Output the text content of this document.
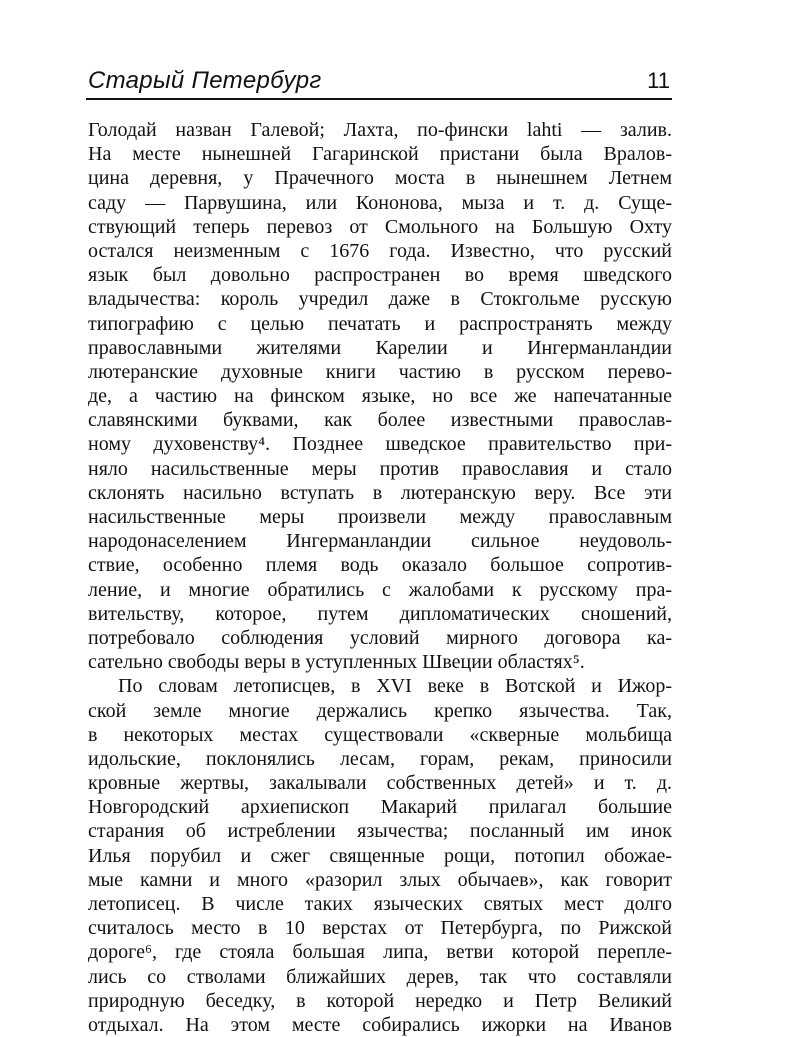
Старый Петербург	11
Голодай назван Галевой; Лахта, по-фински lahti — залив.
На месте нынешней Гагаринской пристани была Вралов-
цина деревня, у Прачечного моста в нынешнем Летнем
саду — Парвушина, или Кононова, мыза и т. д. Суще-
ствующий теперь перевоз от Смольного на Большую Охту
остался неизменным с 1676 года. Известно, что русский
язык был довольно распространен во время шведского
владычества: король учредил даже в Стокгольме русскую
типографию с целью печатать и распространять между
православными жителями Карелии и Ингерманландии
лютеранские духовные книги частию в русском перево-
де, а частию на финском языке, но все же напечатанные
славянскими буквами, как более известными православ-
ному духовенству⁴. Позднее шведское правительство при-
няло насильственные меры против православия и стало
склонять насильно вступать в лютеранскую веру. Все эти
насильственные меры произвели между православным
народонаселением Ингерманландии сильное неудоволь-
ствие, особенно племя водь оказало большое сопротив-
ление, и многие обратились с жалобами к русскому пра-
вительству, которое, путем дипломатических сношений,
потребовало соблюдения условий мирного договора ка-
сательно свободы веры в уступленных Швеции областях⁵.
По словам летописцев, в XVI веке в Вотской и Ижор-
ской земле многие держались крепко язычества. Так,
в некоторых местах существовали «скверные мольбища
идольские, поклонялись лесам, горам, рекам, приносили
кровные жертвы, закалывали собственных детей» и т. д.
Новгородский архиепископ Макарий прилагал большие
старания об истреблении язычества; посланный им инок
Илья порубил и сжег священные рощи, потопил обожае-
мые камни и много «разорил злых обычаев», как говорит
летописец. В числе таких языческих святых мест долго
считалось место в 10 верстах от Петербурга, по Рижской
дороге⁶, где стояла большая липа, ветви которой перепле-
лись со стволами ближайших дерев, так что составляли
природную беседку, в которой нередко и Петр Великий
отдыхал. На этом месте собирались ижорки на Иванов
